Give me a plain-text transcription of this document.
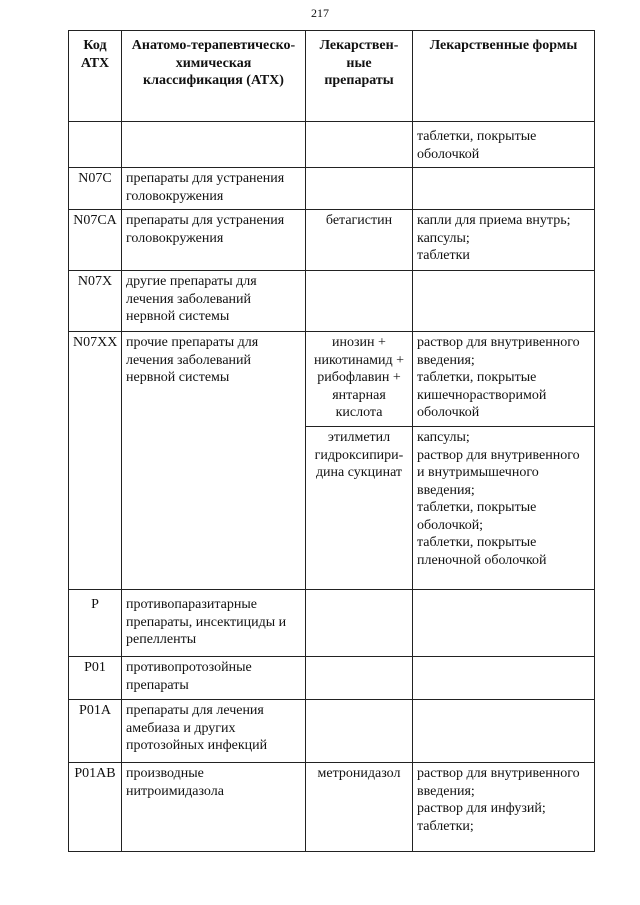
217
Код АТХ	Анатомо-терапевтическо-химическая классификация (АТХ)	Лекарствен-ные препараты	Лекарственные формы

			таблетки, покрытые оболочкой

N07C	препараты для устранения головокружения		
N07CA	препараты для устранения головокружения	бетагистин	капли для приема внутрь;
капсулы;
таблетки

N07X	другие препараты для лечения заболеваний нервной системы		
N07XX	прочие препараты для лечения заболеваний нервной системы	инозин + никотинамид + рибофлавин + янтарная кислота	раствор для внутривенного введения;
таблетки, покрытые кишечнорастворимой оболочкой

		этилметил гидроксипири-дина сукцинат	капсулы;
раствор для внутривенного и внутримышечного введения;
таблетки, покрытые оболочкой;
таблетки, покрытые пленочной оболочкой

P	противопаразитарные препараты, инсектициды и репелленты		
P01	противопротозойные препараты		
P01A	препараты для лечения амебиаза и других протозойных инфекций		
P01AB	производные нитроимидазола	метронидазол	раствор для внутривенного введения;
раствор для инфузий;
таблетки;
